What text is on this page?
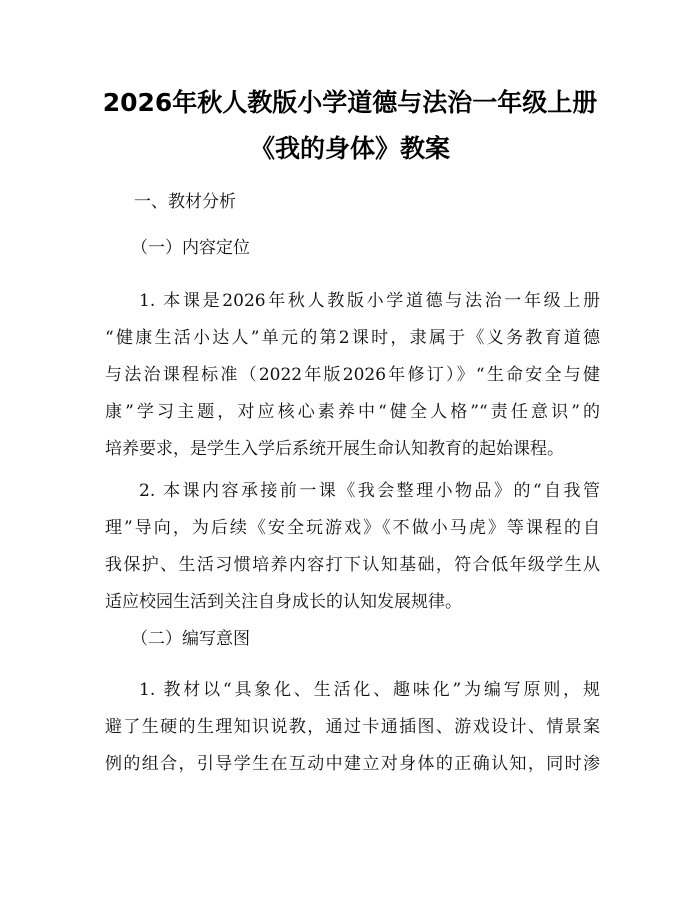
2026年秋人教版小学道德与法治一年级上册
《我的身体》教案
一、教材分析
（一）内容定位
1. 本课是2026年秋人教版小学道德与法治一年级上册
“健康生活小达人”单元的第2课时，隶属于《义务教育道德
与法治课程标准（2022年版2026年修订）》“生命安全与健
康”学习主题，对应核心素养中“健全人格”“责任意识”的
培养要求，是学生入学后系统开展生命认知教育的起始课程。
2. 本课内容承接前一课《我会整理小物品》的“自我管
理”导向，为后续《安全玩游戏》《不做小马虎》等课程的自
我保护、生活习惯培养内容打下认知基础，符合低年级学生从
适应校园生活到关注自身成长的认知发展规律。
（二）编写意图
1. 教材以“具象化、生活化、趣味化”为编写原则，规
避了生硬的生理知识说教，通过卡通插图、游戏设计、情景案
例的组合，引导学生在互动中建立对身体的正确认知，同时渗
